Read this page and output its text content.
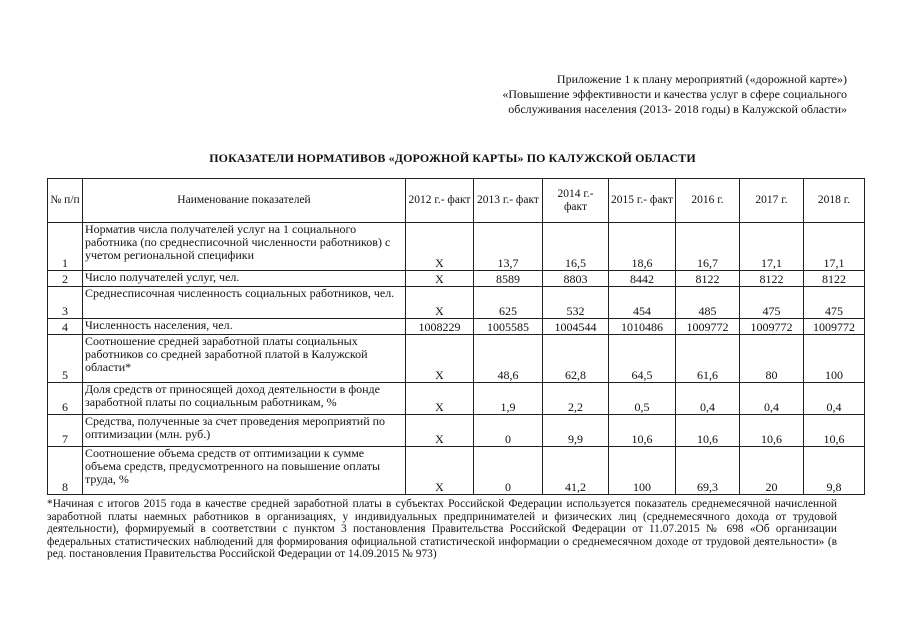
Приложение 1 к плану мероприятий («дорожной карте»)
«Повышение эффективности и качества услуг в сфере социального
обслуживания населения (2013- 2018 годы) в Калужской области»
ПОКАЗАТЕЛИ НОРМАТИВОВ «ДОРОЖНОЙ КАРТЫ» ПО КАЛУЖСКОЙ ОБЛАСТИ
№ п/п	Наименование показателей	2012 г.- факт	2013 г.- факт	2014 г.- факт	2015 г.- факт	2016 г.	2017 г.	2018 г.
1	Норматив числа получателей услуг на 1 социального работника (по среднесписочной численности работников) с учетом региональной специфики	Х	13,7	16,5	18,6	16,7	17,1	17,1
2	Число получателей услуг, чел.	Х	8589	8803	8442	8122	8122	8122
3	Среднесписочная численность социальных работников, чел.	Х	625	532	454	485	475	475
4	Численность населения, чел.	1008229	1005585	1004544	1010486	1009772	1009772	1009772
5	Соотношение средней заработной платы социальных работников со средней заработной платой в Калужской области*	Х	48,6	62,8	64,5	61,6	80	100
6	Доля средств от приносящей доход деятельности в фонде заработной платы по социальным работникам, %	Х	1,9	2,2	0,5	0,4	0,4	0,4
7	Средства, полученные за счет проведения мероприятий по оптимизации (млн. руб.)	Х	0	9,9	10,6	10,6	10,6	10,6
8	Соотношение объема средств от оптимизации к сумме объема средств, предусмотренного на повышение оплаты труда, %	Х	0	41,2	100	69,3	20	9,8
*Начиная с итогов 2015 года в качестве средней заработной платы в субъектах Российской Федерации используется показатель среднемесячной начисленной заработной платы наемных работников в организациях, у индивидуальных предпринимателей и физических лиц (среднемесячного дохода от трудовой деятельности), формируемый в соответствии с пунктом 3 постановления Правительства Российской Федерации от 11.07.2015 № 698 «Об организации федеральных статистических наблюдений для формирования официальной статистической информации о среднемесячном доходе от трудовой деятельности» (в ред. постановления Правительства Российской Федерации от 14.09.2015 № 973)
